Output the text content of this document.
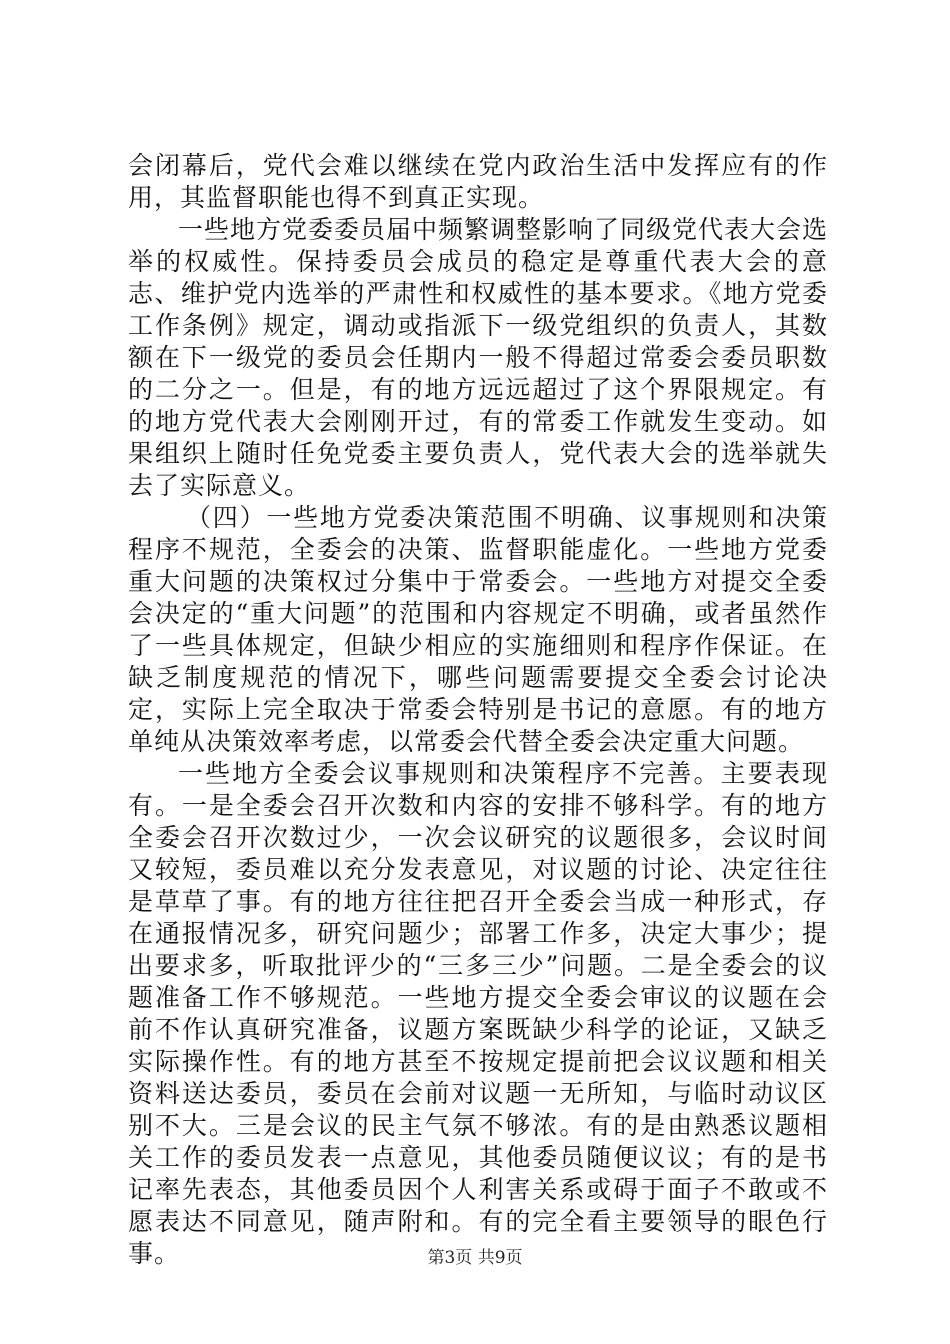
会闭幕后，党代会难以继续在党内政治生活中发挥应有的作用，其监督职能也得不到真正实现。

一些地方党委委员届中频繁调整影响了同级党代表大会选举的权威性。保持委员会成员的稳定是尊重代表大会的意志、维护党内选举的严肃性和权威性的基本要求。《地方党委工作条例》规定，调动或指派下一级党组织的负责人，其数额在下一级党的委员会任期内一般不得超过常委会委员职数的二分之一。但是，有的地方远远超过了这个界限规定。有的地方党代表大会刚刚开过，有的常委工作就发生变动。如果组织上随时任免党委主要负责人，党代表大会的选举就失去了实际意义。

（四）一些地方党委决策范围不明确、议事规则和决策程序不规范，全委会的决策、监督职能虚化。一些地方党委重大问题的决策权过分集中于常委会。一些地方对提交全委会决定的“重大问题”的范围和内容规定不明确，或者虽然作了一些具体规定，但缺少相应的实施细则和程序作保证。在缺乏制度规范的情况下，哪些问题需要提交全委会讨论决定，实际上完全取决于常委会特别是书记的意愿。有的地方单纯从决策效率考虑，以常委会代替全委会决定重大问题。

一些地方全委会议事规则和决策程序不完善。主要表现有。一是全委会召开次数和内容的安排不够科学。有的地方全委会召开次数过少，一次会议研究的议题很多，会议时间又较短，委员难以充分发表意见，对议题的讨论、决定往往是草草了事。有的地方往往把召开全委会当成一种形式，存在通报情况多，研究问题少；部署工作多，决定大事少；提出要求多，听取批评少的“三多三少”问题。二是全委会的议题准备工作不够规范。一些地方提交全委会审议的议题在会前不作认真研究准备，议题方案既缺少科学的论证，又缺乏实际操作性。有的地方甚至不按规定提前把会议议题和相关资料送达委员，委员在会前对议题一无所知，与临时动议区别不大。三是会议的民主气氛不够浓。有的是由熟悉议题相关工作的委员发表一点意见，其他委员随便议议；有的是书记率先表态，其他委员因个人利害关系或碍于面子不敢或不愿表达不同意见，随声附和。有的完全看主要领导的眼色行事。	第3页 共9页
